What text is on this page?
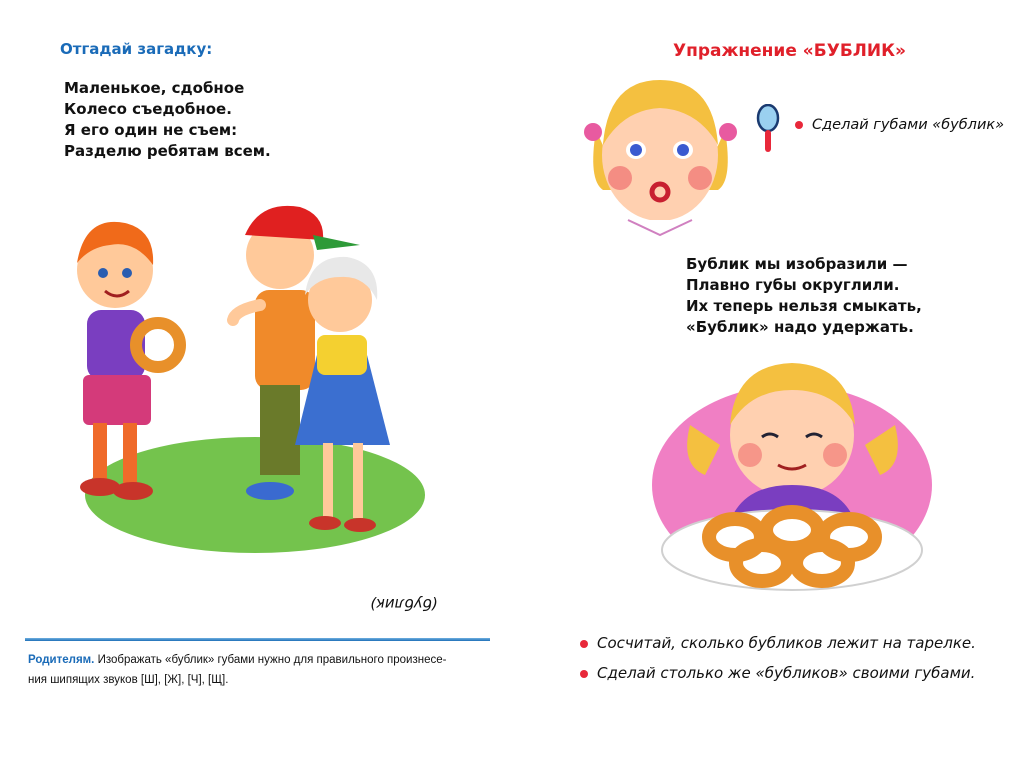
Отгадай загадку:
Маленькое, сдобное
Колесо съедобное.
Я его один не съем:
Разделю ребятам всем.
(бублик)
Родителям. Изображать «бублик» губами нужно для правильного произнесе-
ния шипящих звуков [Ш], [Ж], [Ч], [Щ].
Упражнение «БУБЛИК»
Сделай губами «бублик»
Бублик мы изобразили —
Плавно губы округлили.
Их теперь нельзя смыкать,
«Бублик» надо удержать.
Сосчитай, сколько бубликов лежит на тарелке.
Сделай столько же «бубликов» своими губами.
